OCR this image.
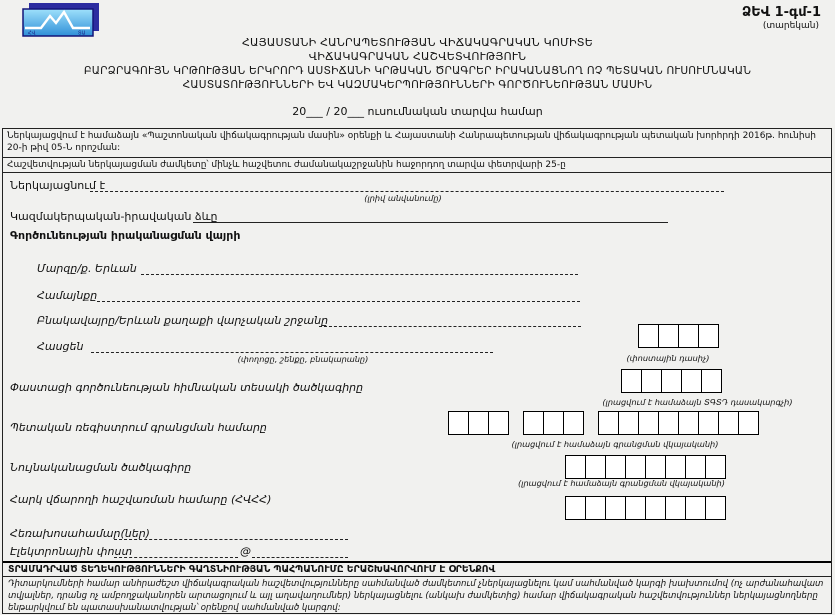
ՀՎ	ՏԱ
ՁԵՎ 1-գմ-1
(տարեկան)
ՀԱՅԱՍՏԱՆԻ ՀԱՆՐԱՊԵՏՈՒԹՅԱՆ ՎԻՃԱԿԱԳՐԱԿԱՆ ԿՈՄԻՏԵ
ՎԻՃԱԿԱԳՐԱԿԱՆ ՀԱՇՎԵՏՎՈՒԹՅՈՒՆ
ԲԱՐՁՐԱԳՈՒՅՆ ԿՐԹՈՒԹՅԱՆ ԵՐԿՐՈՐԴ ԱՍՏԻՃԱՆԻ ԿՐԹԱԿԱՆ ԾՐԱԳՐԵՐ ԻՐԱԿԱՆԱՑՆՈՂ ՈՉ ՊԵՏԱԿԱՆ ՈՒՍՈՒՄՆԱԿԱՆ
ՀԱՍՏԱՏՈՒԹՅՈՒՆՆԵՐԻ ԵՎ ԿԱԶՄԱԿԵՐՊՈՒԹՅՈՒՆՆԵՐԻ ԳՈՐԾՈՒՆԵՈՒԹՅԱՆ ՄԱՍԻՆ
20___ / 20___ ուսումնական տարվա համար
Ներկայացվում է համաձայն «Պաշտոնական վիճակագրության մասին» օրենքի և Հայաստանի Հանրապետության վիճակագրության պետական խորհրդի 2016թ. հունիսի 20-ի թիվ 05-Ն որոշման:
Հաշվետվության ներկայացման ժամկետը՝ մինչև հաշվետու ժամանակաշրջանին հաջորդող տարվա փետրվարի 25-ը
Ներկայացնում է
(լրիվ անվանումը)
Կազմակերպական-իրավական ձևը
Գործունեության իրականացման վայրի
Մարզը/ք. Երևան
Համայնքը
Բնակավայրը/Երևան քաղաքի վարչական շրջանը
Հասցեն
(փողոցը, շենքը, բնակարանը)	(փոստային դասիչ)
Փաստացի գործունեության հիմնական տեսակի ծածկագիրը
(լրացվում է համաձայն ՏԳՏԴ դասակարգչի)
Պետական ռեգիստրում գրանցման համարը
(լրացվում է համաձայն գրանցման վկայականի)
Նույնականացման ծածկագիրը
(լրացվում է համաձայն գրանցման վկայականի)
Հարկ վճարողի հաշվառման համարը (ՀՎՀՀ)
Հեռախոսահամար(ներ)
Էլեկտրոնային փոստ	@
ՏՐԱՄԱԴՐՎԱԾ ՏԵՂԵԿՈՒԹՅՈՒՆՆԵՐԻ ԳԱՂՏՆԻՈՒԹՅԱՆ ՊԱՀՊԱՆՈՒՄԸ ԵՐԱՇԽԱՎՈՐՎՈՒՄ Է ՕՐԵՆՔՈՎ
Դիտարկումների համար անհրաժեշտ վիճակագրական հաշվետվությունները սահմանված ժամկետում չներկայացնելու կամ սահմանված կարգի խախտումով (ոչ արժանահավատ տվյալներ, դրանց ոչ ամբողջականորեն արտացոլում և այլ աղավաղումներ) ներկայացնելու (անկախ ժամկետից) համար վիճակագրական հաշվետվություններ ներկայացնողները ենթարկվում են պատասխանատվության՝ օրենքով սահմանված կարգով:
